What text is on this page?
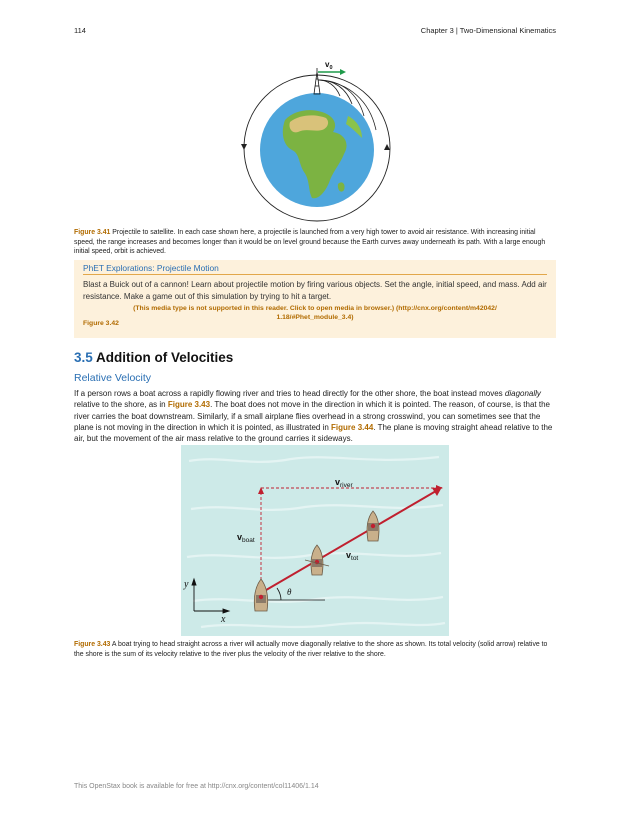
114	Chapter 3 | Two-Dimensional Kinematics
$v_0$
Figure 3.41 Projectile to satellite. In each case shown here, a projectile is launched from a very high tower to avoid air resistance. With increasing initial speed, the range increases and becomes longer than it would be on level ground because the Earth curves away underneath its path. With a large enough initial speed, orbit is achieved.
PhET Explorations: Projectile Motion
Blast a Buick out of a cannon! Learn about projectile motion by firing various objects. Set the angle, initial speed, and mass. Add air resistance. Make a game out of this simulation by trying to hit a target.
(This media type is not supported in this reader. Click to open media in browser.) (http://cnx.org/content/m42042/
1.18/#Phet_module_3.4)
Figure 3.42
3.5 Addition of Velocities
Relative Velocity
If a person rows a boat across a rapidly flowing river and tries to head directly for the other shore, the boat instead moves diagonally relative to the shore, as in Figure 3.43. The boat does not move in the direction in which it is pointed. The reason, of course, is that the river carries the boat downstream. Similarly, if a small airplane flies overhead in a strong crosswind, you can sometimes see that the plane is not moving in the direction in which it is pointed, as illustrated in Figure 3.44. The plane is moving straight ahead relative to the air, but the movement of the air mass relative to the ground carries it sideways.
$v_{river}$
$v_{boat}$
$v_{tot}$
θ
y
x
Figure 3.43 A boat trying to head straight across a river will actually move diagonally relative to the shore as shown. Its total velocity (solid arrow) relative to the shore is the sum of its velocity relative to the river plus the velocity of the river relative to the shore.
This OpenStax book is available for free at http://cnx.org/content/col11406/1.14
